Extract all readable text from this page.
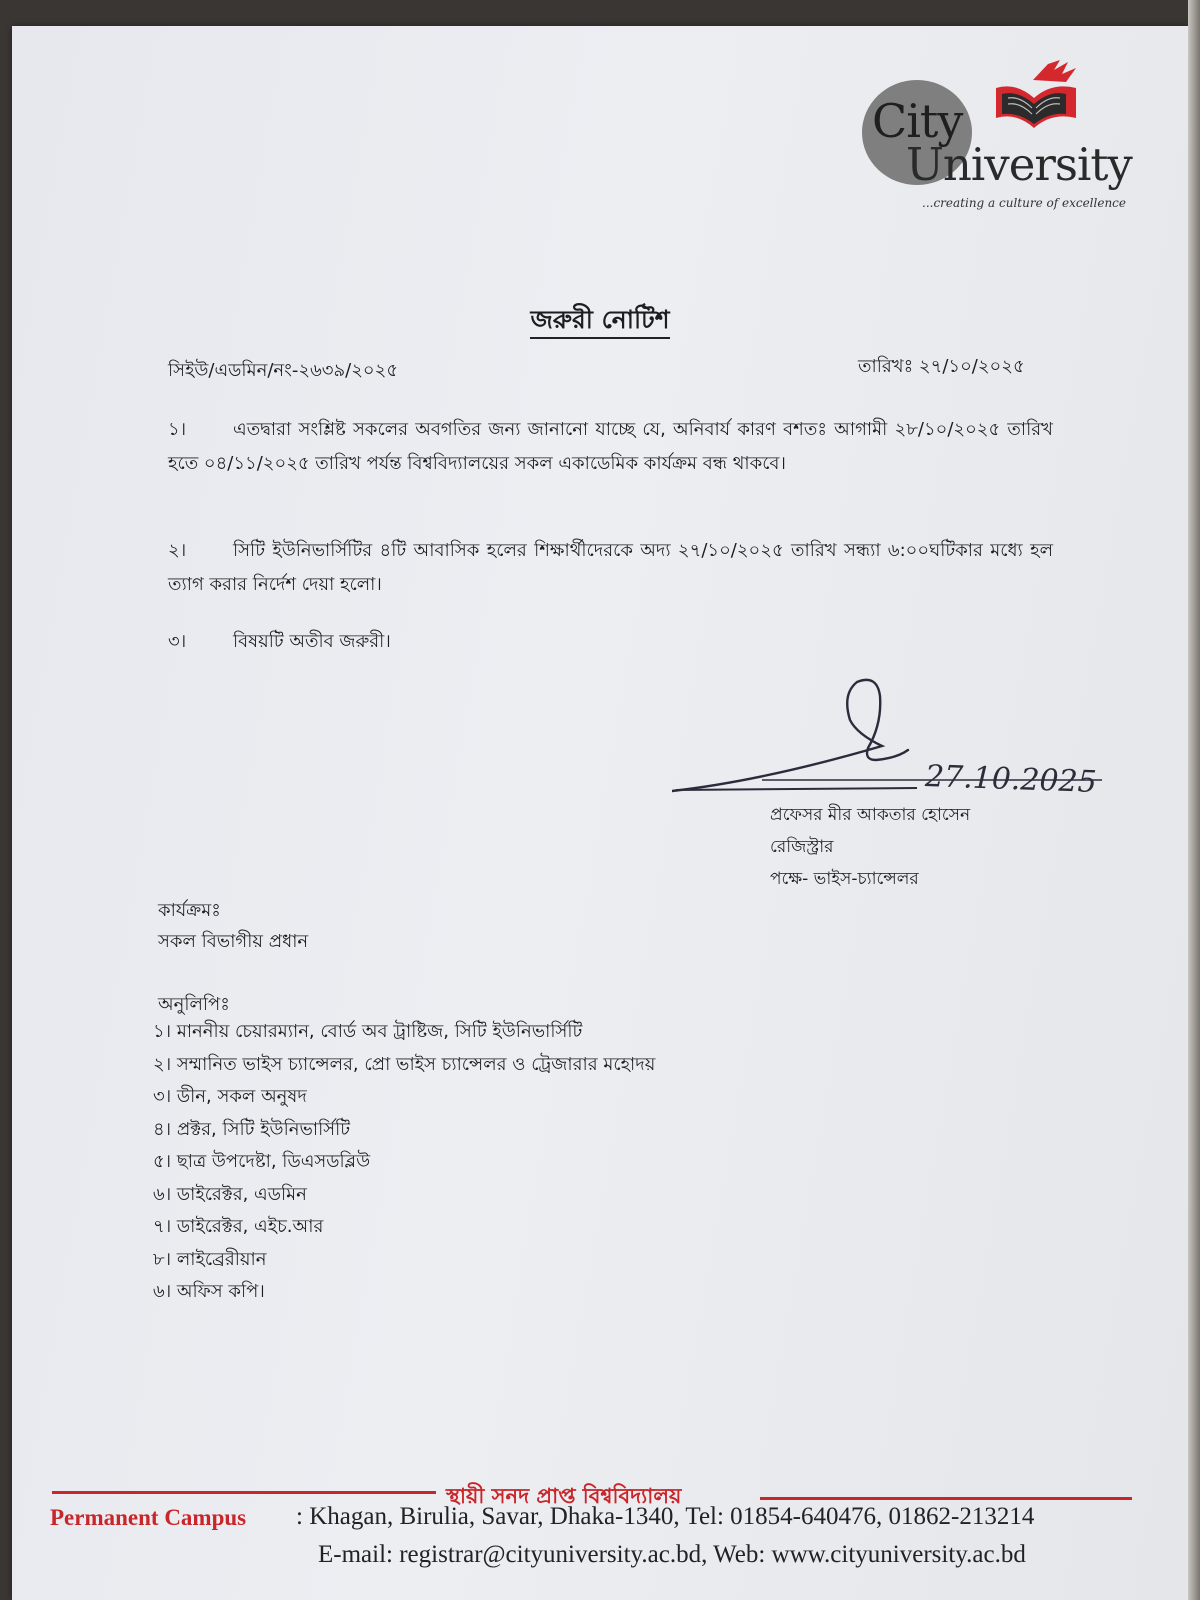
City
University
...creating a culture of excellence
জরুরী নোটিশ
সিইউ/এডমিন/নং-২৬৩৯/২০২৫	তারিখঃ ২৭/১০/২০২৫
১।	এতদ্বারা সংশ্লিষ্ট সকলের অবগতির জন্য জানানো যাচ্ছে যে, অনিবার্য কারণ বশতঃ আগামী ২৮/১০/২০২৫ তারিখ হতে ০৪/১১/২০২৫ তারিখ পর্যন্ত বিশ্ববিদ্যালয়ের সকল একাডেমিক কার্যক্রম বন্ধ থাকবে।
২।	সিটি ইউনিভার্সিটির ৪টি আবাসিক হলের শিক্ষার্থীদেরকে অদ্য ২৭/১০/২০২৫ তারিখ সন্ধ্যা ৬:০০ঘটিকার মধ্যে হল ত্যাগ করার নির্দেশ দেয়া হলো।
৩।	বিষয়টি অতীব জরুরী।
27.10.2025
প্রফেসর মীর আকতার হোসেন
রেজিস্ট্রার
পক্ষে- ভাইস-চ্যান্সেলর
কার্যক্রমঃ
সকল বিভাগীয় প্রধান
অনুলিপিঃ
১। মাননীয় চেয়ারম্যান, বোর্ড অব ট্রাষ্টিজ, সিটি ইউনিভার্সিটি
২। সম্মানিত ভাইস চ্যান্সেলর, প্রো ভাইস চ্যান্সেলর ও ট্রেজারার মহোদয়
৩। ডীন, সকল অনুষদ
৪। প্রক্টর, সিটি ইউনিভার্সিটি
৫। ছাত্র উপদেষ্টা, ডিএসডব্লিউ
৬। ডাইরেক্টর, এডমিন
৭। ডাইরেক্টর, এইচ.আর
৮। লাইব্রেরীয়ান
৬। অফিস কপি।
স্থায়ী সনদ প্রাপ্ত বিশ্ববিদ্যালয়
Permanent Campus : Khagan, Birulia, Savar, Dhaka-1340, Tel: 01854-640476, 01862-213214
E-mail: registrar@cityuniversity.ac.bd, Web: www.cityuniversity.ac.bd
